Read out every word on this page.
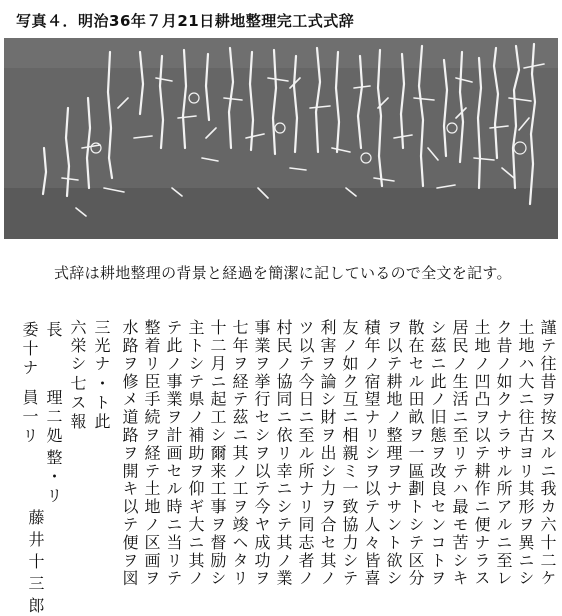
写真４．明治36年７月21日耕地整理完工式式辞
式辞は耕地整理の背景と経過を簡潔に記しているので全文を記す。
謹テ往昔ヲ按スルニ我カ六十二ケ
土地ハ大ニ往古ヨリ其形ヲ異ニシ
ク昔ノ如クナラサル所アルニ至レ
土地ノ凹凸ヲ以テ耕作ニ便ナラス
居民ノ生活ニ至リテハ最モ苦シキ
シ茲ニ此ノ旧態ヲ改良センコトヲ
散在セル田畝ヲ一區劃トシテ区分
ヲ以テ耕地ノ整理ヲナサント欲シ
積年ノ宿望ナリシヲ以テ人々皆喜
友ノ如ク互ニ相親ミ一致協力シテ
利害ヲ論シ財ヲ出シ力ヲ合セ其ノ
ツ以テ今日ニ至ル所ナリ同志者ノ
村民ノ協同ニ依リ幸ニシテ其ノ業
事業ヲ挙行セシヲ以テ今ヤ成功ヲ
七年ヲ経テ茲ニ其ノ工ヲ竣ヘタリ
十二月ニ起工シ爾来工事ヲ督励シ
主トシテ県ノ補助ヲ仰ギ大ニ其ノ
テ此ノ事業ヲ計画セル時ニ当リテ
整着リ臣手続ヲ経テ土地ノ区画ヲ
水路ヲ修メ道路ヲ開キ以テ便ヲ図
三光ナ
六栄シ
・ト此
七ス報
理二処
長
委十ナ
員一リ
整・リ
藤
井
十
三
郎
